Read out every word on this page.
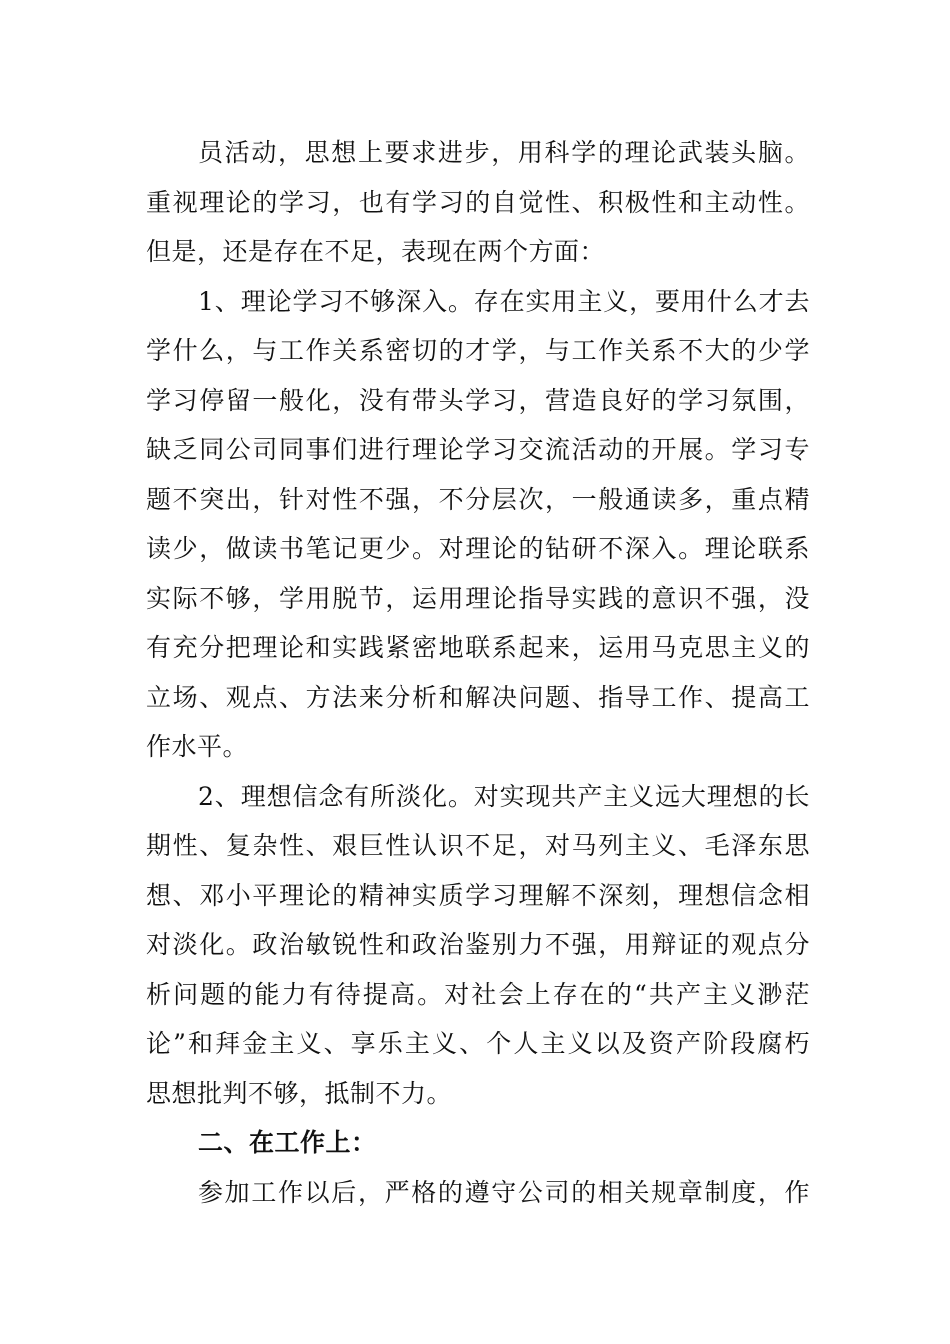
员活动，思想上要求进步，用科学的理论武装头脑。
重视理论的学习，也有学习的自觉性、积极性和主动性。
但是，还是存在不足，表现在两个方面：
1、理论学习不够深入。存在实用主义，要用什么才去
学什么，与工作关系密切的才学，与工作关系不大的少学
学习停留一般化，没有带头学习，营造良好的学习氛围，
缺乏同公司同事们进行理论学习交流活动的开展。学习专
题不突出，针对性不强，不分层次，一般通读多，重点精
读少，做读书笔记更少。对理论的钻研不深入。理论联系
实际不够，学用脱节，运用理论指导实践的意识不强，没
有充分把理论和实践紧密地联系起来，运用马克思主义的
立场、观点、方法来分析和解决问题、指导工作、提高工
作水平。
2、理想信念有所淡化。对实现共产主义远大理想的长
期性、复杂性、艰巨性认识不足，对马列主义、毛泽东思
想、邓小平理论的精神实质学习理解不深刻，理想信念相
对淡化。政治敏锐性和政治鉴别力不强，用辩证的观点分
析问题的能力有待提高。对社会上存在的“共产主义渺茫
论”和拜金主义、享乐主义、个人主义以及资产阶段腐朽
思想批判不够，抵制不力。
二、在工作上：
参加工作以后，严格的遵守公司的相关规章制度，作
